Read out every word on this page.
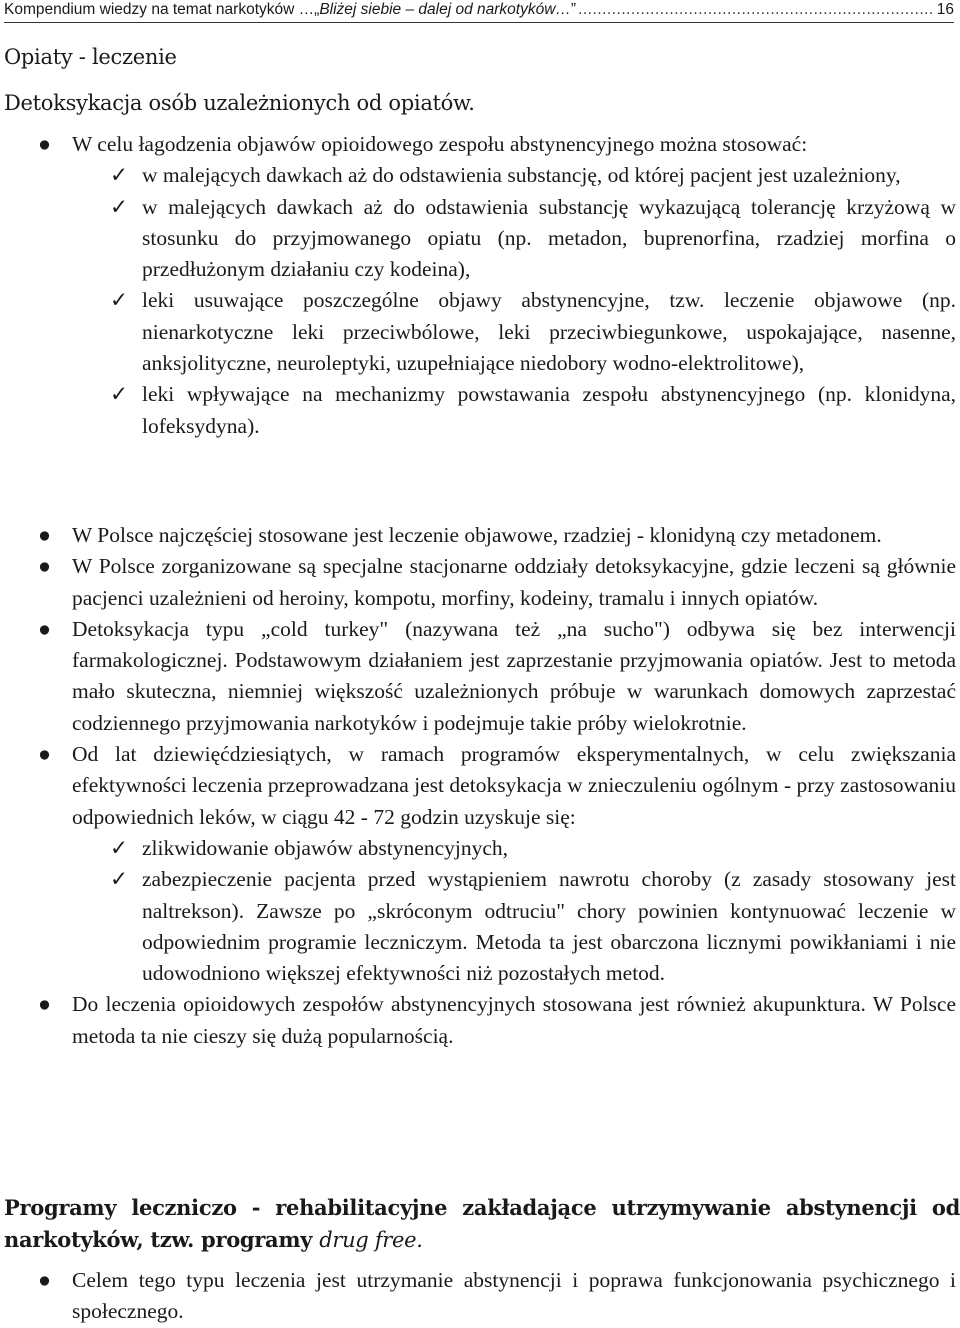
Kompendium wiedzy na temat narkotyków …„ Bliżej siebie – dalej od narkotyków… ”
.....	16
Opiaty - leczenie
Detoksykacja osób uzależnionych od opiatów.
● W celu łagodzenia objawów opioidowego zespołu abstynencyjnego można stosować:
✓ w malejących dawkach aż do odstawienia substancję, od której pacjent jest uzależniony,
✓ w malejących dawkach aż do odstawienia substancję wykazującą tolerancję krzyżową w stosunku do przyjmowanego opiatu (np. metadon, buprenorfina, rzadziej morfina o przedłużonym działaniu czy kodeina),
✓ leki usuwające poszczególne objawy abstynencyjne, tzw. leczenie objawowe (np. nienarkotyczne leki przeciwbólowe, leki przeciwbiegunkowe, uspokajające, nasenne, anksjolityczne, neuroleptyki, uzupełniające niedobory wodno-elektrolitowe),
✓ leki wpływające na mechanizmy powstawania zespołu abstynencyjnego (np. klonidyna, lofeksydyna).
● W Polsce najczęściej stosowane jest leczenie objawowe, rzadziej - klonidyną czy metadonem.
● W Polsce zorganizowane są specjalne stacjonarne oddziały detoksykacyjne, gdzie leczeni są głównie pacjenci uzależnieni od heroiny, kompotu, morfiny, kodeiny, tramalu i innych opiatów.
● Detoksykacja typu „cold turkey" (nazywana też „na sucho") odbywa się bez interwencji farmakologicznej. Podstawowym działaniem jest zaprzestanie przyjmowania opiatów. Jest to metoda mało skuteczna, niemniej większość uzależnionych próbuje w warunkach domowych zaprzestać codziennego przyjmowania narkotyków i podejmuje takie próby wielokrotnie.
● Od lat dziewięćdziesiątych, w ramach programów eksperymentalnych, w celu zwiększania efektywności leczenia przeprowadzana jest detoksykacja w znieczuleniu ogólnym - przy zastosowaniu odpowiednich leków, w ciągu 42 - 72 godzin uzyskuje się:
✓ zlikwidowanie objawów abstynencyjnych,
✓ zabezpieczenie pacjenta przed wystąpieniem nawrotu choroby (z zasady stosowany jest naltrekson). Zawsze po „skróconym odtruciu" chory powinien kontynuować leczenie w odpowiednim programie leczniczym. Metoda ta jest obarczona licznymi powikłaniami i nie udowodniono większej efektywności niż pozostałych metod.
● Do leczenia opioidowych zespołów abstynencyjnych stosowana jest również akupunktura. W Polsce metoda ta nie cieszy się dużą popularnością.
Programy leczniczo - rehabilitacyjne zakładające utrzymywanie abstynencji od narkotyków, tzw. programy drug free.
● Celem tego typu leczenia jest utrzymanie abstynencji i poprawa funkcjonowania psychicznego i społecznego.
